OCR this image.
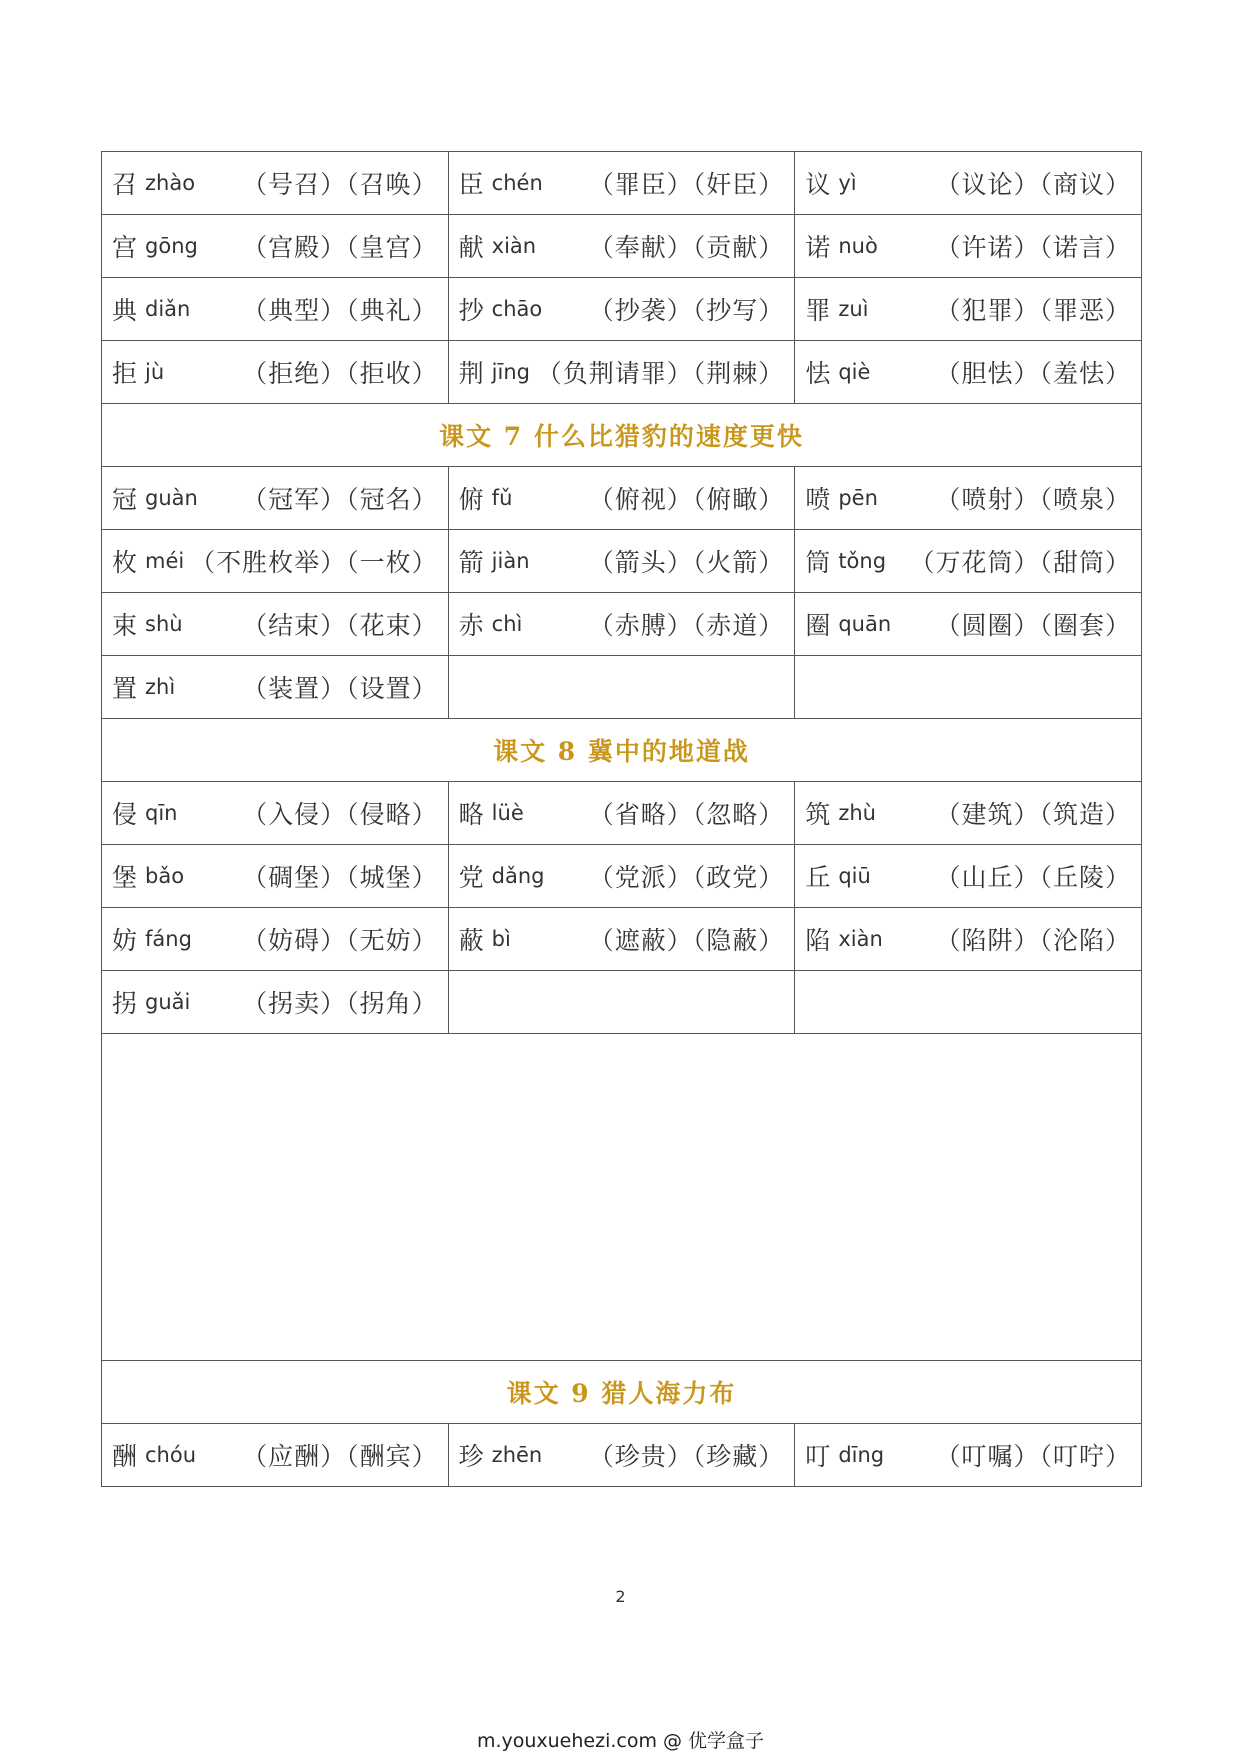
召 zhào （号召）（召唤）	臣 chén （罪臣）（奸臣）	议 yì （议论）（商议）

宫 gōng （宫殿）（皇宫）	献 xiàn （奉献）（贡献）	诺 nuò （许诺）（诺言）

典 diǎn （典型）（典礼）	抄 chāo （抄袭）（抄写）	罪 zuì （犯罪）（罪恶）

拒 jù （拒绝）（拒收）	荆 jīng （负荆请罪）（荆棘）	怯 qiè （胆怯）（羞怯）

课文 7 什么比猎豹的速度更快		

冠 guàn （冠军）（冠名）	俯 fǔ （俯视）（俯瞰）	喷 pēn （喷射）（喷泉）

枚 méi （不胜枚举）（一枚）	箭 jiàn （箭头）（火箭）	筒 tǒng （万花筒）（甜筒）

束 shù （结束）（花束）	赤 chì （赤膊）（赤道）	圈 quān （圆圈）（圈套）

置 zhì （装置）（设置）		

课文 8 冀中的地道战		

侵 qīn （入侵）（侵略）	略 lüè （省略）（忽略）	筑 zhù （建筑）（筑造）

堡 bǎo （碉堡）（城堡）	党 dǎng （党派）（政党）	丘 qiū （山丘）（丘陵）

妨 fáng （妨碍）（无妨）	蔽 bì （遮蔽）（隐蔽）	陷 xiàn （陷阱）（沦陷）

拐 guǎi （拐卖）（拐角）		

课文 9 猎人海力布		

酬 chóu （应酬）（酬宾）	珍 zhēn （珍贵）（珍藏）	叮 dīng （叮嘱）（叮咛）
2
m.youxuehezi.com @ 优学盒子
